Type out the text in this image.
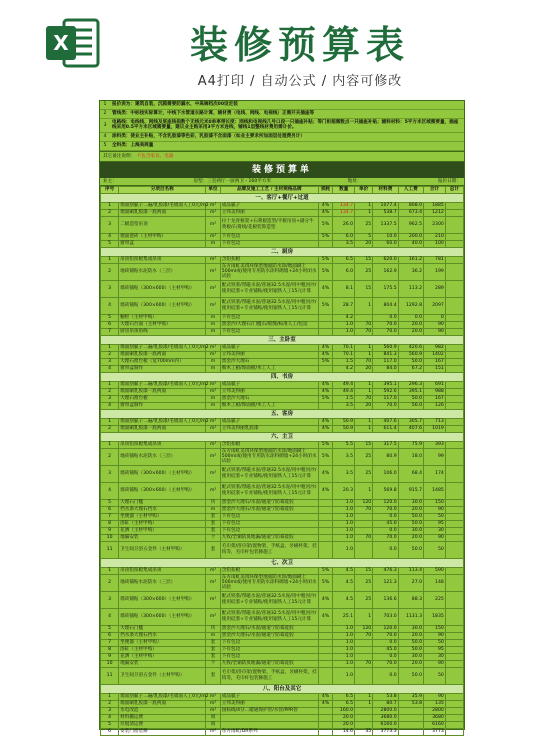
X	装修预算表
A4打印 / 自动公式 / 内容可修改
1	报价表为：建筑自装，沉箱需要防漏水，中高端档次00设定装
2	管线类：中标按实际算计，中线下水管道长路计算，辅材费（电线、网线、电视线）正需开关插座等
3
电路线：电线线、网线及底座钱指数个无线元米0单率带长度：网线和电视线几号口段一只插座补贴；等门柜超需数点一只插座补贴；辅料材料：5平方米区域需要量，插座线采用0.5平方米区域需要量，建议业主购采用3平方米连线，铺线1层整线材费用需计价。
4	涂料类：使业主补贴，不含乳胶漆等色彩，乳胶漆不含面漆（如业主要求所加面层处理费另计）
5	全料类：上海美商量
其它备注说明： 不包含家具、电器
装修预算单
业主：	房型：三室两厅一厨两卫・160平方米	地址：	报价日期：
序号	分项目名称	单位	品牌及施工工艺 / 主材规格品牌	损耗	数量	单价	材料费	人工费	合计	总计
一、客厅+餐厅+过道										
1	墙面刮腻子二遍/乳胶漆/毛墙面人工0元/m2	m²	成品腻子	4%	134.7	1	1077.4	808.0	1885	
2	墙面刷乳胶漆一底两面	m²	立邦美得丽	4%	134.7	1	538.7	673.4	1212	
3	二级造型吊顶	m²	拉十龙骨框架+石膏板造型/平板吊顶+副分牛黄板/石膏线/花板装饰造型	5%	26.0	25	1337.5	962.5	2300	
4	墙面瓷砖（主材甲购）	m²	下有包边	5%	6.0	5	10.0	200.0	210	
5	窗帘盒	m	下有包边		3.5	20	60.0	40.0	100	
二、厨房										
1	吊顶铝扣板集成吊顶	m²	含铝扣板	5%	6.5	15	620.0	161.2	781	
2	地砖铺贴水泥防水（三层）	m²	东方雨虹美琪环保型地面防水涂/地面刷上500ml或/使用专用防水涂料砌墙+24小时闭水试验	5%	6.0	25	162.9	36.2	199	
3	墙砖铺贴（300×600）（主材甲购）	m²	配式铁浆/带磁水泥/普通32.5水泥/用中粗河沙/使用硅浆+专业铺贴/使用锯铁人工15元计算	4%	8.1	15	175.5	113.2	289	
4	墙砖铺贴（300×600）（主材甲购）	m²	配式铁浆/带磁水泥/普通32.5水泥/用中粗河沙/使用硅浆+专业铺贴/使用锯铁人工15元计算	5%	28.7	1	804.4	1292.8	2097	
5	橱柜（主材甲购）	m	下有包边		4.2		0.0	0.0	0	
6	大理石台面（主材甲购）	m	黑金沙/大理石/门槛石/嵌缝/标准人工/包边		1.0	70	70.0	20.0	90	
7	厨房吊顶角线	m	下有包边		1.0	70	70.0	20.0	90	
三、主卧室										
1	墙面刮腻子二遍/乳胶漆/毛墙面人工0元/m2	m²	成品腻子	4%	70.1	1	560.9	420.6	982	
2	墙面刷乳胶漆一底两面	m²	立邦美得丽	4%	70.1	1	841.3	560.9	1402	
3	大理石窗台板（宽700mm内）	m	黑金沙大理石	5%	1.5	70	117.0	50.0	167	
4	窗帘盒制作	m	细木工板/饰面板/木工人工		4.2	20	84.0	67.2	151	
四、书房										
1	墙面刮腻子二遍/乳胶漆/毛墙面人工0元/m2	m²	成品腻子	4%	49.4	1	395.1	296.3	691	
2	墙面刷乳胶漆一底两面	m²	立邦美得丽	4%	49.4	1	592.6	395.1	988	
3	大理石窗台板	m	黑金沙大理石	5%	1.5	70	117.0	50.0	167	
4	窗帘盒制作	m	细木工板/饰面板/木工人工		3.5	20	70.0	56.0	126	
五、客房										
1	墙面刮腻子二遍/乳胶漆/毛墙面人工0元/m2	m²	成品腻子	4%	50.9	1	407.6	305.7	713	
2	墙面刷乳胶漆一底两面	m²	立邦美得丽乳胶漆	4%	50.9	1	611.4	407.6	1019	
六、主卫										
1	吊顶铝扣板集成吊顶	m²	含铝扣板	5%	5.5	15	317.5	75.9	393	
2	地砖铺贴水泥防水（三层）	m²	东方雨虹美琪环保型地面防水涂/地面刷上500ml或/使用专用防水涂料砌墙+24小时闭水试验	5%	3.5	25	80.9	18.0	99	
3	墙砖铺贴（300×600）（主材甲购）	m²	配式铁浆/带磁水泥/普通32.5水泥/用中粗河沙/使用硅浆+专业铺贴/使用锯铁人工15元计算	4%	3.5	25	106.0	68.4	174	
4	墙砖铺贴（300×600）（主材甲购）	m²	配式铁浆/带磁水泥/普通32.5水泥/用中粗河沙/使用硅浆+专业铺贴/使用锯铁人工15元计算	4%	20.3	1	569.8	915.7	1485	
5	大理石门槛	块	黑金沙大理石/水泥/通道宁防霉硅胶		1.0	120	120.0	30.0	150	
6	挡水条大理石挡水	m	黑金沙大理石/水泥/通道宁防霉硅胶		1.0	70	70.0	20.0	90	
7	坐便器（主材甲购）	套	下有包边		1.0		0.0	50.0	50	
8	浴缸（主材甲购）	套	下有包边		1.0		45.0	50.0	95	
9	花洒（主材甲购）	套	下有包边		1.0		0.0	30.0	30	
10	地漏安装	个	九牧/全铜防臭地漏/通道宁防霉硅胶		1.0	70	70.0	20.0	90	
11	卫生间卫浴五金件（主材甲购）	套	毛巾架/浴巾架/置物架、手纸盒、牙刷杯架、挂钩等，毛巾杆包装修施工		1.0		0.0	50.0	50	
七、次卫										
1	吊顶铝扣板集成吊顶	m²	含铝扣板	5%	4.5	15	476.3	113.4	590	
2	地砖铺贴水泥防水（三层）	m²	东方雨虹美琪环保型地面防水涂/地面刷上500ml或/使用专用防水涂料砌墙+24小时闭水试验	5%	4.5	25	121.3	27.0	148	
3	墙砖铺贴（300×600）（主材甲购）	m²	配式铁浆/带磁水泥/普通32.5水泥/用中粗河沙/使用硅浆+专业铺贴/使用锯铁人工15元计算	4%	4.5	25	136.6	88.3	225	
4	墙砖铺贴（300×600）（主材甲购）	m²	配式铁浆/带磁水泥/普通32.5水泥/用中粗河沙/使用硅浆+专业铺贴/使用锯铁人工15元计算	4%	25.1	1	703.0	1131.3	1835	
5	大理石门槛	块	黑金沙大理石/水泥/通道宁防霉硅胶		1.0	120	120.0	30.0	150	
6	挡水条大理石挡水	m	黑金沙大理石/水泥/通道宁防霉硅胶		1.0	70	70.0	20.0	90	
7	坐便器（主材甲购）	套	下有包边		1.0		0.0	50.0	50	
8	浴缸（主材甲购）	套	下有包边		1.0		45.0	50.0	95	
9	花洒（主材甲购）	套	下有包边		1.0		0.0	30.0	30	
10	地漏安装	个	九牧/全铜防臭地漏/通道宁防霉硅胶		1.0	70	70.0	20.0	90	
11	卫生间卫浴五金件（主材甲购）	套	毛巾架/浴巾架/置物架、手纸盒、牙刷杯架、挂钩等，毛巾杆包装修施工		1.0		0.0	50.0	50	
八、阳台及其它										
1	墙面刮腻子二遍/乳胶漆/毛墙面人工0元/m2	m²	成品腻子	4%	6.5	1	53.8	35.9	90	
2	墙面刷乳胶漆一底两面	m²	立邦美得丽	4%	6.5	1	80.7	53.8	135	
3	水电改造	m²	国标线/4分…暖通保护管/水管/PPR管		160.0		2800.0		2800	
4	材料搬运费	项			20.0		3680.0		3680	
5	垃圾清运费	项			20.0		6160.0		6160	
6	安装门窗装修	m²	东方雨虹/DR系列		14.6	35	3773.3		3773	
